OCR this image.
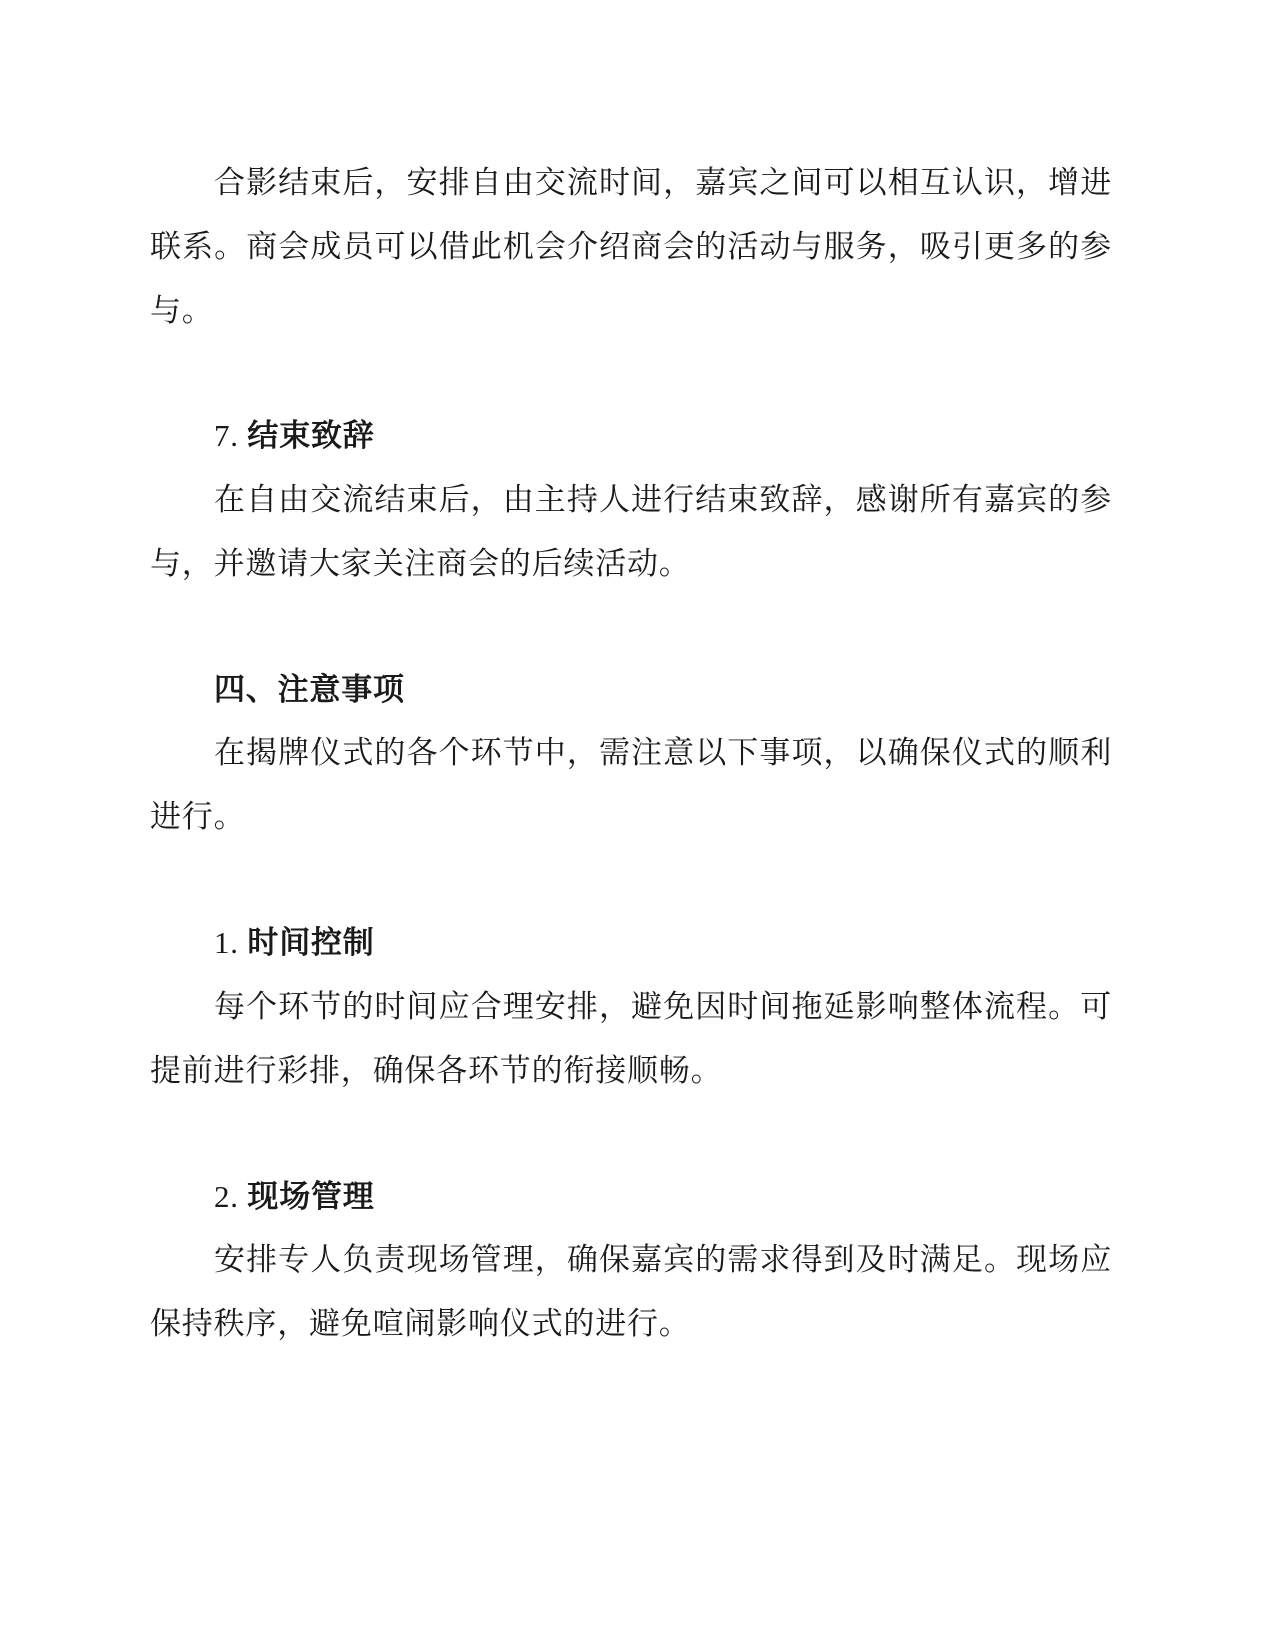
合影结束后，安排自由交流时间，嘉宾之间可以相互认识，增进联系。商会成员可以借此机会介绍商会的活动与服务，吸引更多的参与。

7. 结束致辞

在自由交流结束后，由主持人进行结束致辞，感谢所有嘉宾的参与，并邀请大家关注商会的后续活动。

四、注意事项

在揭牌仪式的各个环节中，需注意以下事项，以确保仪式的顺利进行。

1. 时间控制

每个环节的时间应合理安排，避免因时间拖延影响整体流程。可提前进行彩排，确保各环节的衔接顺畅。

2. 现场管理

安排专人负责现场管理，确保嘉宾的需求得到及时满足。现场应保持秩序，避免喧闹影响仪式的进行。
